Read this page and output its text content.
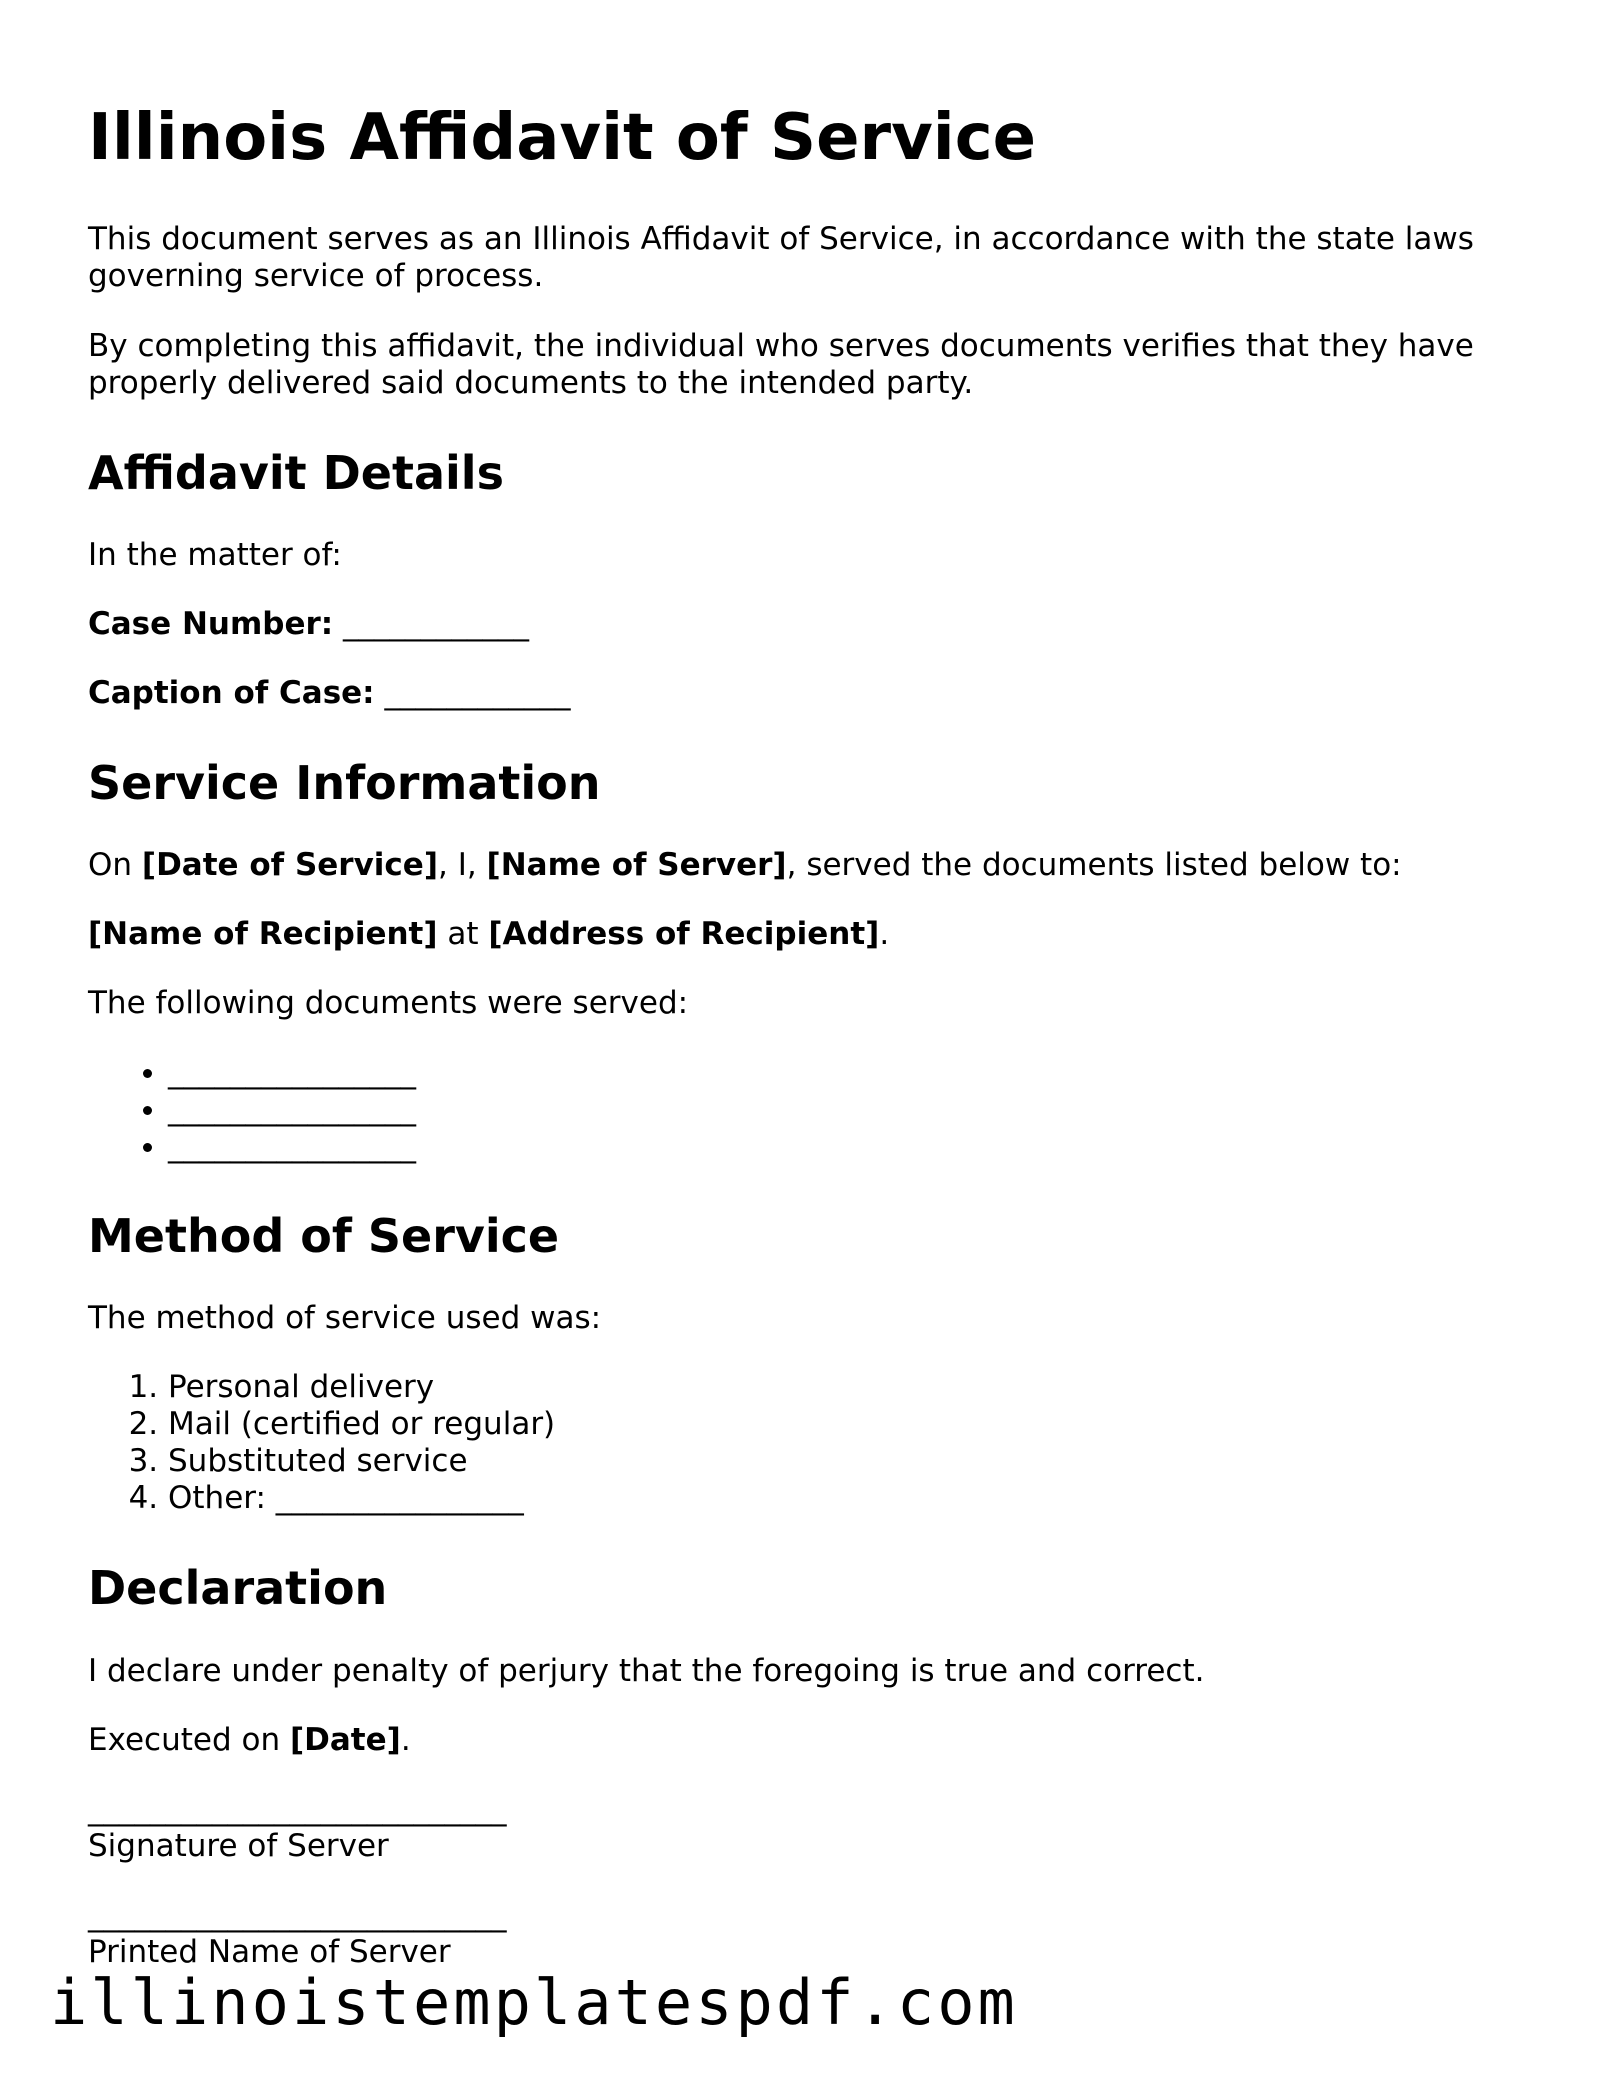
Illinois Affidavit of Service

This document serves as an Illinois Affidavit of Service, in accordance with the state laws governing service of process.

By completing this affidavit, the individual who serves documents verifies that they have properly delivered said documents to the intended party.

Affidavit Details

In the matter of:

Case Number: ____________

Caption of Case: ____________

Service Information

On [Date of Service], I, [Name of Server], served the documents listed below to:

[Name of Recipient] at [Address of Recipient].

The following documents were served:

• ________________
• ________________
• ________________
Method of Service

The method of service used was:

1. Personal delivery
2. Mail (certified or regular)
3. Substituted service
4. Other: ________________
Declaration

I declare under penalty of perjury that the foregoing is true and correct.

Executed on [Date].

___________________________
Signature of Server

___________________________
Printed Name of Server

illinoistemplatespdf.com
